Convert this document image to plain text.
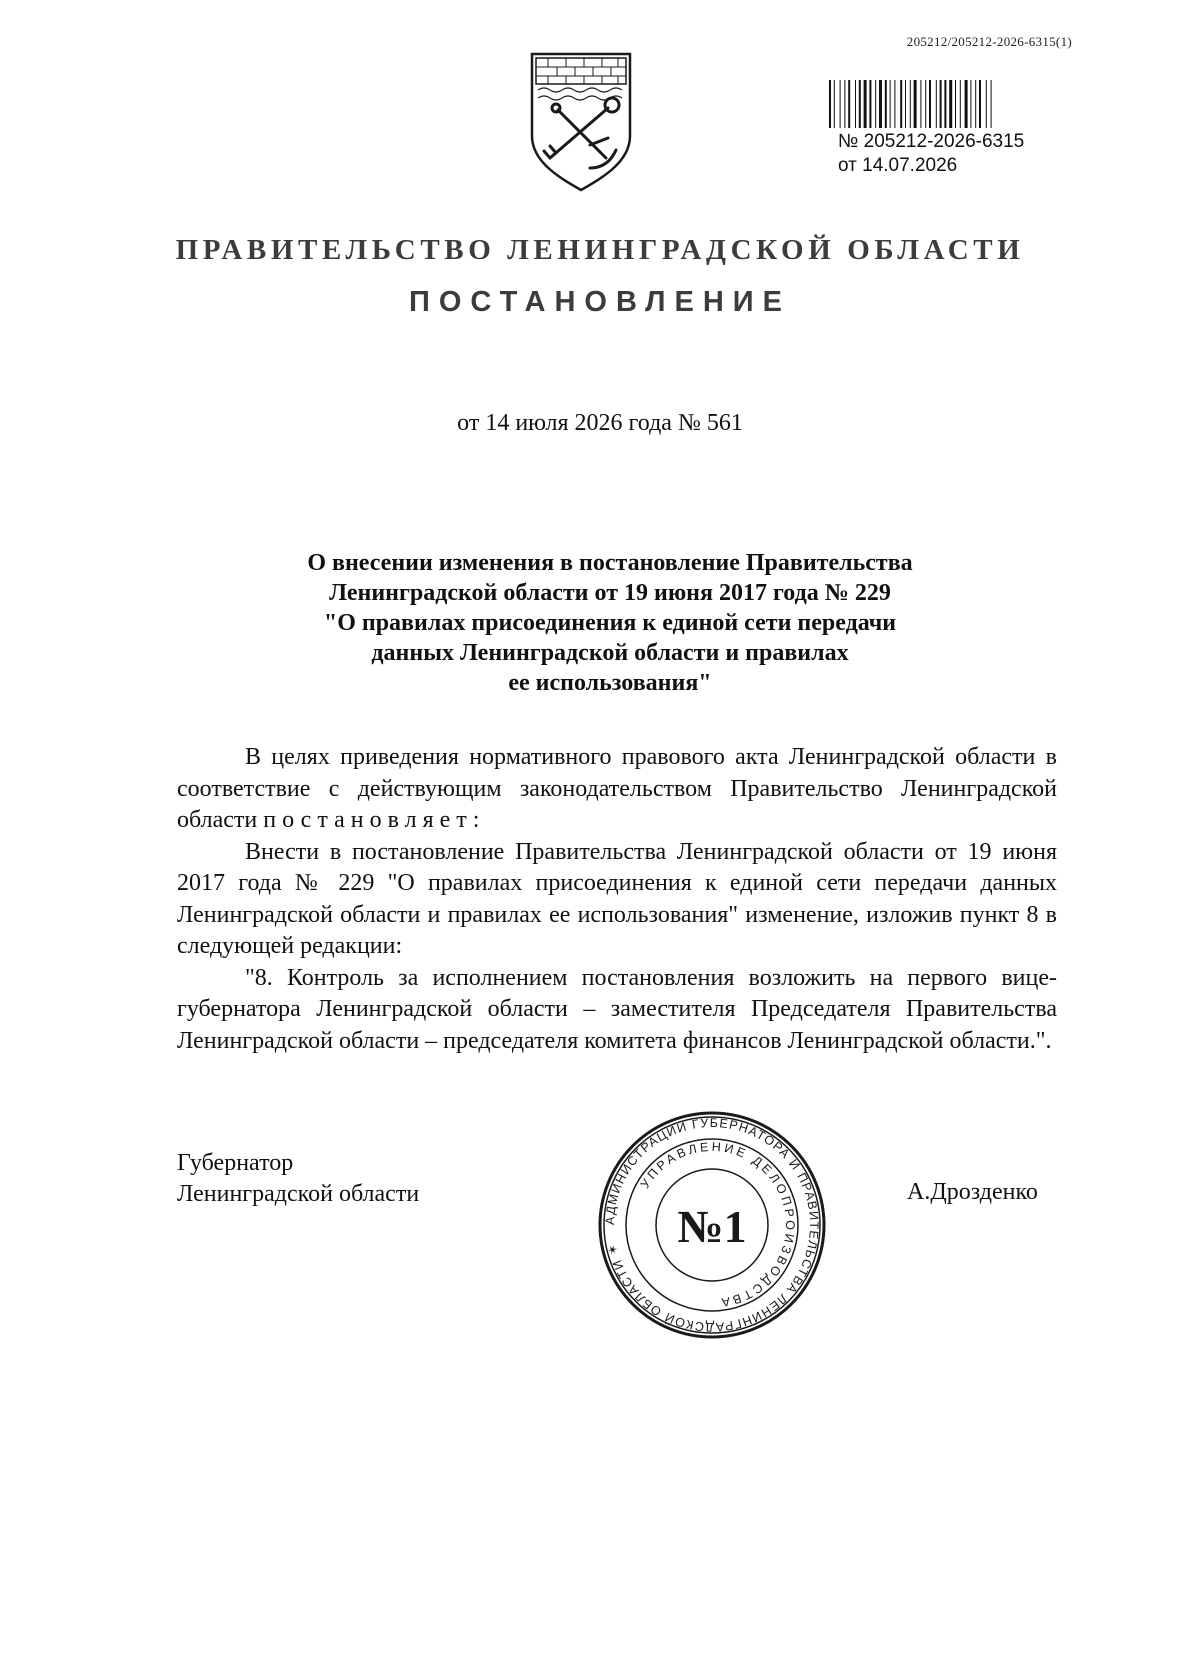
205212/205212-2026-6315(1)
№ 205212-2026-6315
от 14.07.2026
ПРАВИТЕЛЬСТВО ЛЕНИНГРАДСКОЙ ОБЛАСТИ
ПОСТАНОВЛЕНИЕ
от 14 июля 2026 года № 561
О внесении изменения в постановление Правительства
Ленинградской области от 19 июня 2017 года № 229
"О правилах присоединения к единой сети передачи
данных Ленинградской области и правилах
ее использования"

В целях приведения нормативного правового акта Ленинградской области в соответствие с действующим законодательством Правительство Ленинградской области постановляет:

Внести в постановление Правительства Ленинградской области от 19 июня 2017 года № 229 "О правилах присоединения к единой сети передачи данных Ленинградской области и правилах ее использования" изменение, изложив пункт 8 в следующей редакции:

"8. Контроль за исполнением постановления возложить на первого вице-губернатора Ленинградской области – заместителя Председателя Правительства Ленинградской области – председателя комитета финансов Ленинградской области.".

Губернатор
Ленинградской области	А.Дрозденко
АДМИНИСТРАЦИИ ГУБЕРНАТОРА И ПРАВИТЕЛЬСТВА ЛЕНИНГРАДСКОЙ ОБЛАСТИ ✶
УПРАВЛЕНИЕ ДЕЛОПРОИЗВОДСТВА
№1
